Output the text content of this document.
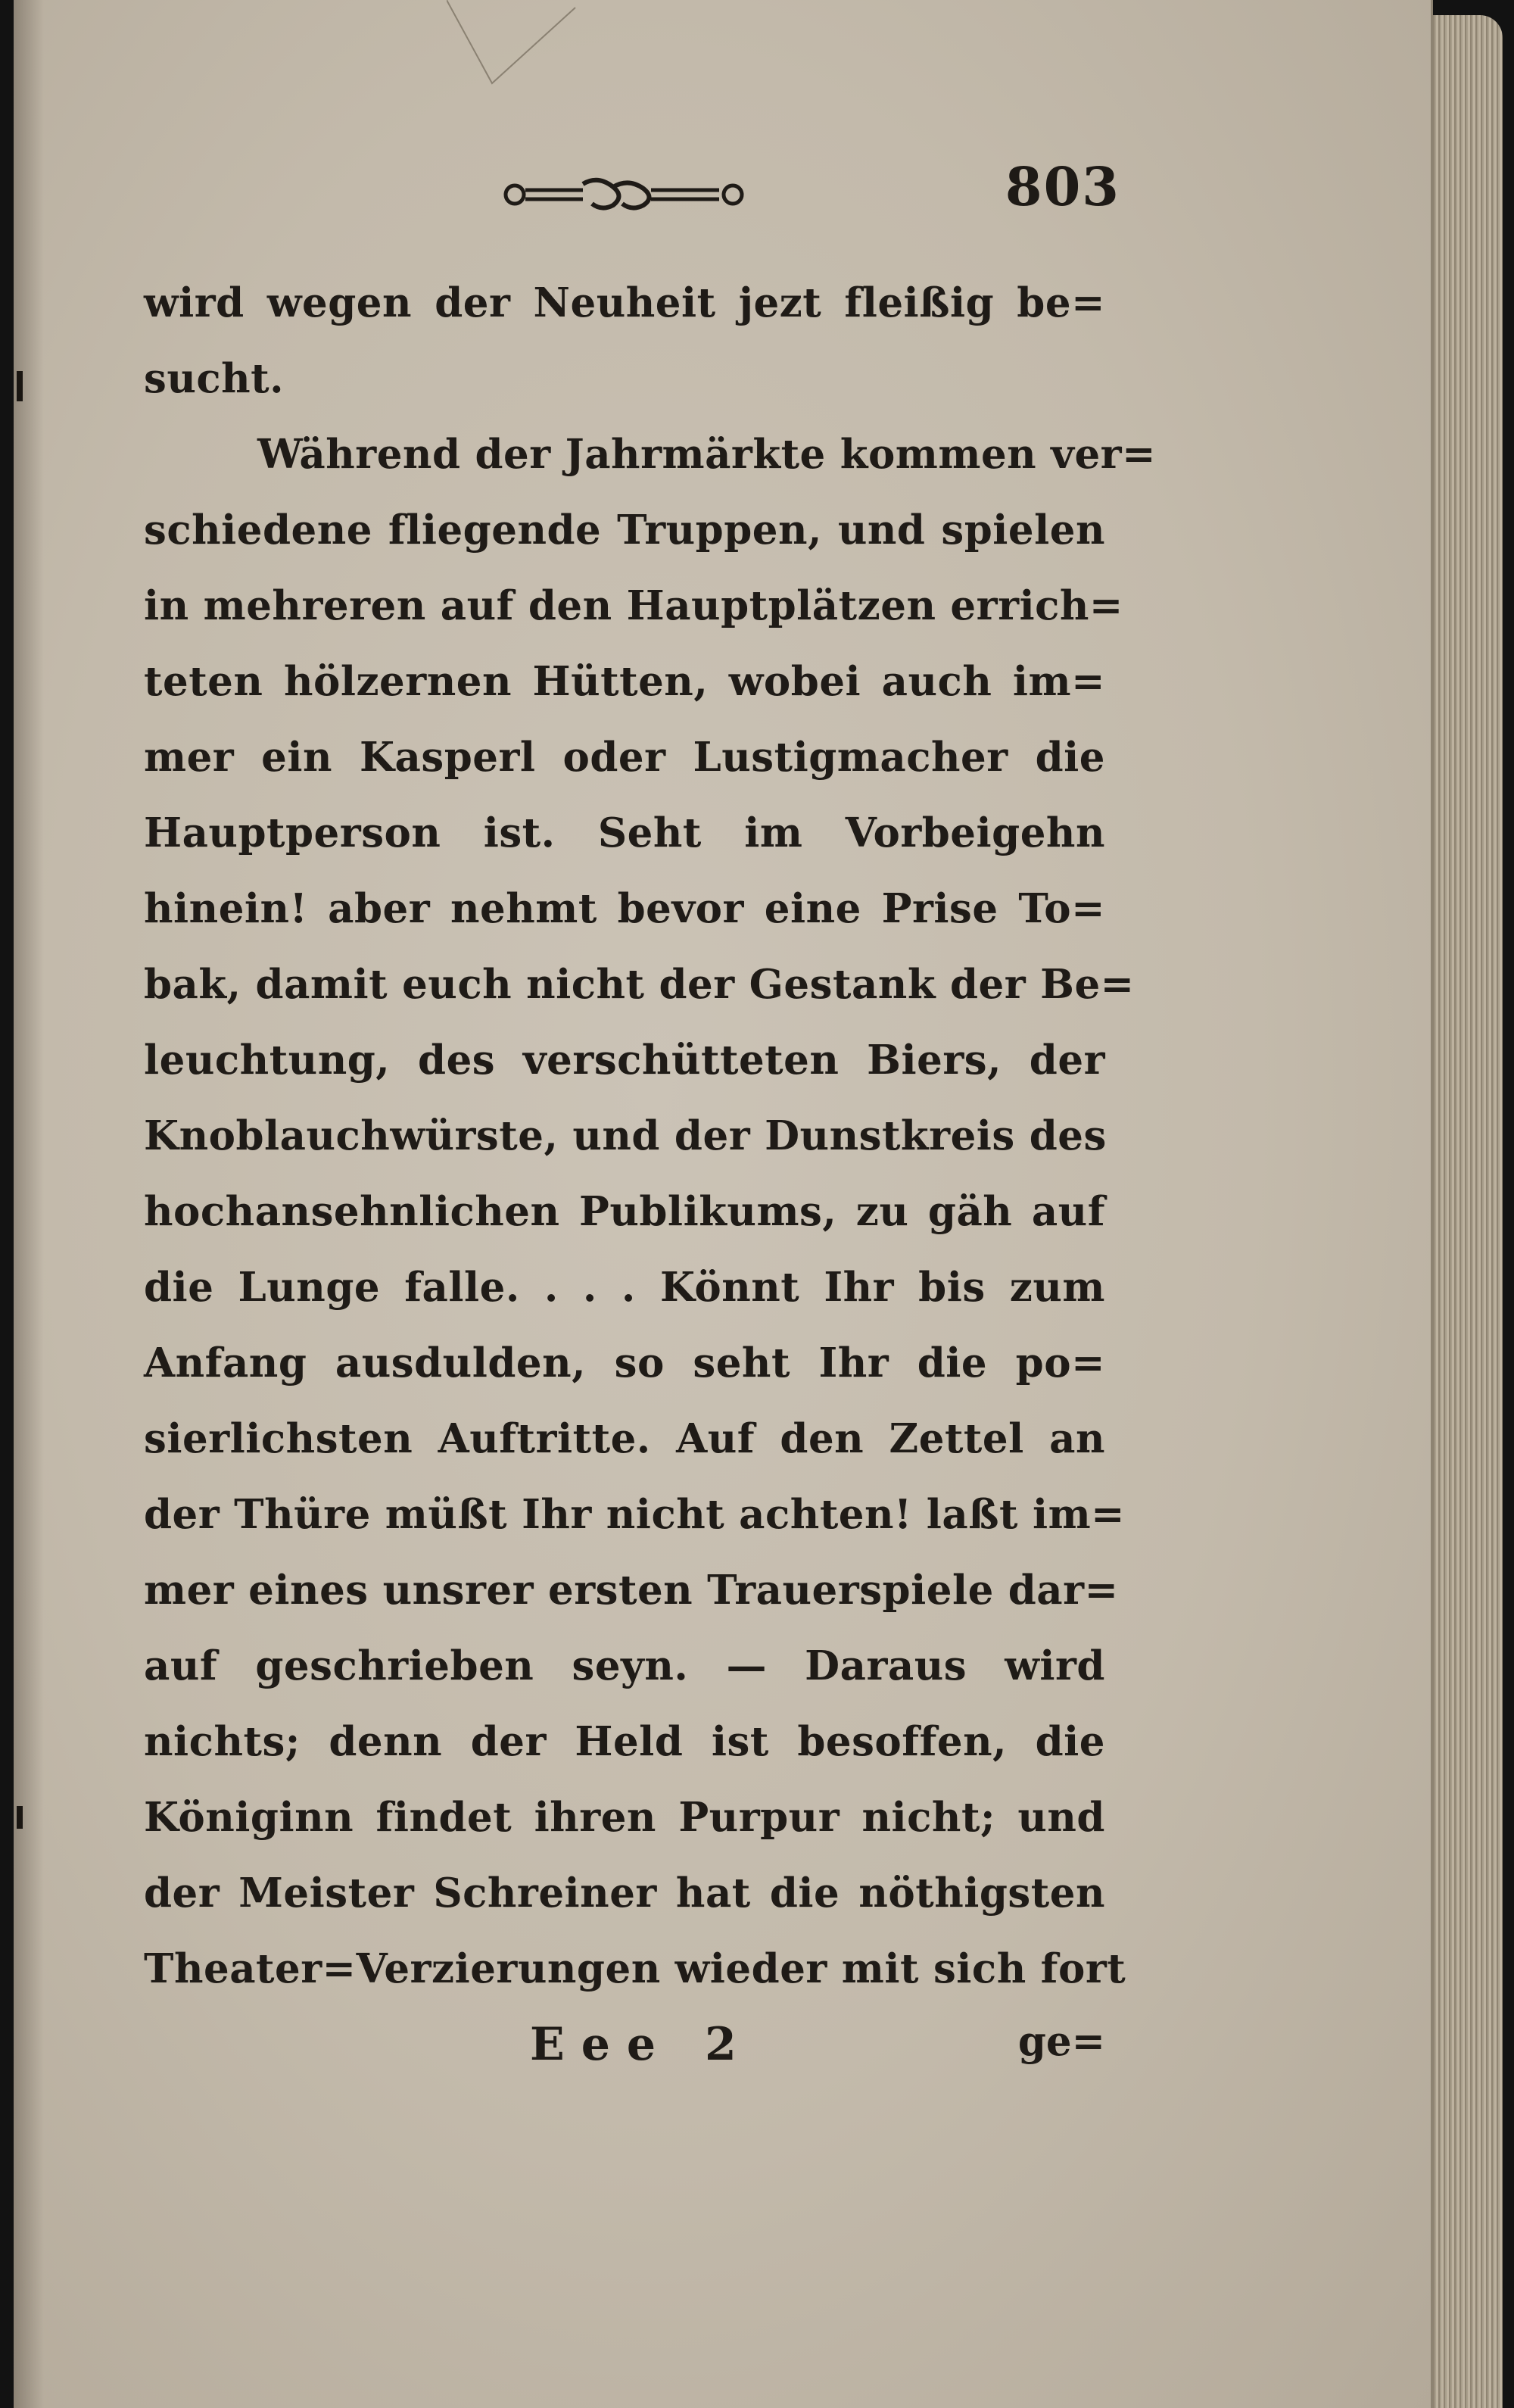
803
wird wegen der Neuheit jezt fleißig be=
sucht.
Während der Jahrmärkte kommen ver=
schiedene fliegende Truppen, und spielen
in mehreren auf den Hauptplätzen errich=
teten hölzernen Hütten, wobei auch im=
mer ein Kasperl oder Lustigmacher die
Hauptperson ist. Seht im Vorbeigehn
hinein! aber nehmt bevor eine Prise To=
bak, damit euch nicht der Gestank der Be=
leuchtung, des verschütteten Biers, der
Knoblauchwürste, und der Dunstkreis des
hochansehnlichen Publikums, zu gäh auf
die Lunge falle. . . . Könnt Ihr bis zum
Anfang ausdulden, so seht Ihr die po=
sierlichsten Auftritte. Auf den Zettel an
der Thüre müßt Ihr nicht achten! laßt im=
mer eines unsrer ersten Trauerspiele dar=
auf geschrieben seyn. — Daraus wird
nichts; denn der Held ist besoffen, die
Königinn findet ihren Purpur nicht; und
der Meister Schreiner hat die nöthigsten
Theater=Verzierungen wieder mit sich fort
Eee 2	ge=
